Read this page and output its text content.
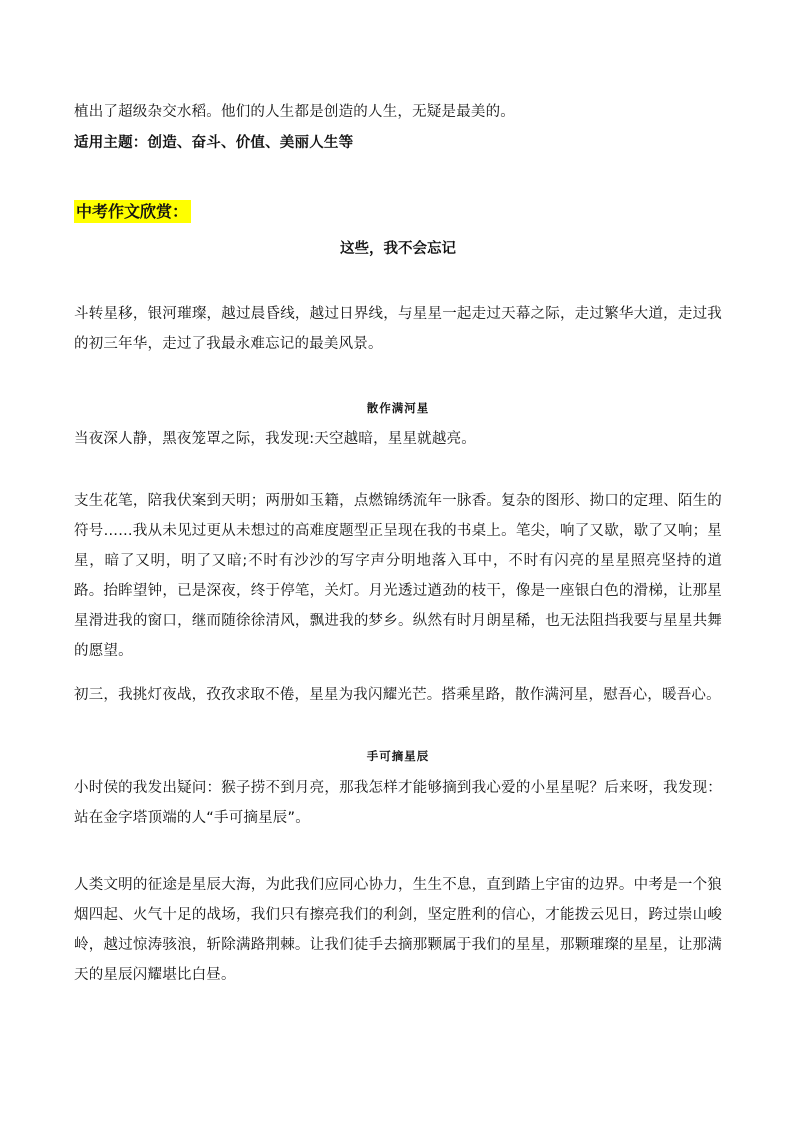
植出了超级杂交水稻。他们的人生都是创造的人生，无疑是最美的。
适用主题：创造、奋斗、价值、美丽人生等
中考作文欣赏：
这些，我不会忘记
斗转星移，银河璀璨，越过晨昏线，越过日界线，与星星一起走过天幕之际，走过繁华大道，走过我的初三年华，走过了我最永难忘记的最美风景。
散作满河星
当夜深人静，黑夜笼罩之际，我发现:天空越暗，星星就越亮。
支生花笔，陪我伏案到天明；两册如玉籍，点燃锦绣流年一脉香。复杂的图形、拗口的定理、陌生的符号……我从未见过更从未想过的高难度题型正呈现在我的书桌上。笔尖，响了又歇，歇了又响；星星，暗了又明，明了又暗;不时有沙沙的写字声分明地落入耳中，不时有闪亮的星星照亮坚持的道路。抬眸望钟，已是深夜，终于停笔，关灯。月光透过遒劲的枝干，像是一座银白色的滑梯，让那星星滑进我的窗口，继而随徐徐清风，飘进我的梦乡。纵然有时月朗星稀，也无法阻挡我要与星星共舞的愿望。
初三，我挑灯夜战，孜孜求取不倦，星星为我闪耀光芒。搭乘星路，散作满河星，慰吾心，暖吾心。
手可摘星辰
小时侯的我发出疑问：猴子捞不到月亮，那我怎样才能够摘到我心爱的小星星呢？后来呀，我发现：站在金字塔顶端的人“手可摘星辰”。
人类文明的征途是星辰大海，为此我们应同心协力，生生不息，直到踏上宇宙的边界。中考是一个狼烟四起、火气十足的战场，我们只有擦亮我们的利剑，坚定胜利的信心，才能拨云见日，跨过崇山峻岭，越过惊涛骇浪，斩除满路荆棘。让我们徒手去摘那颗属于我们的星星，那颗璀璨的星星，让那满天的星辰闪耀堪比白昼。
